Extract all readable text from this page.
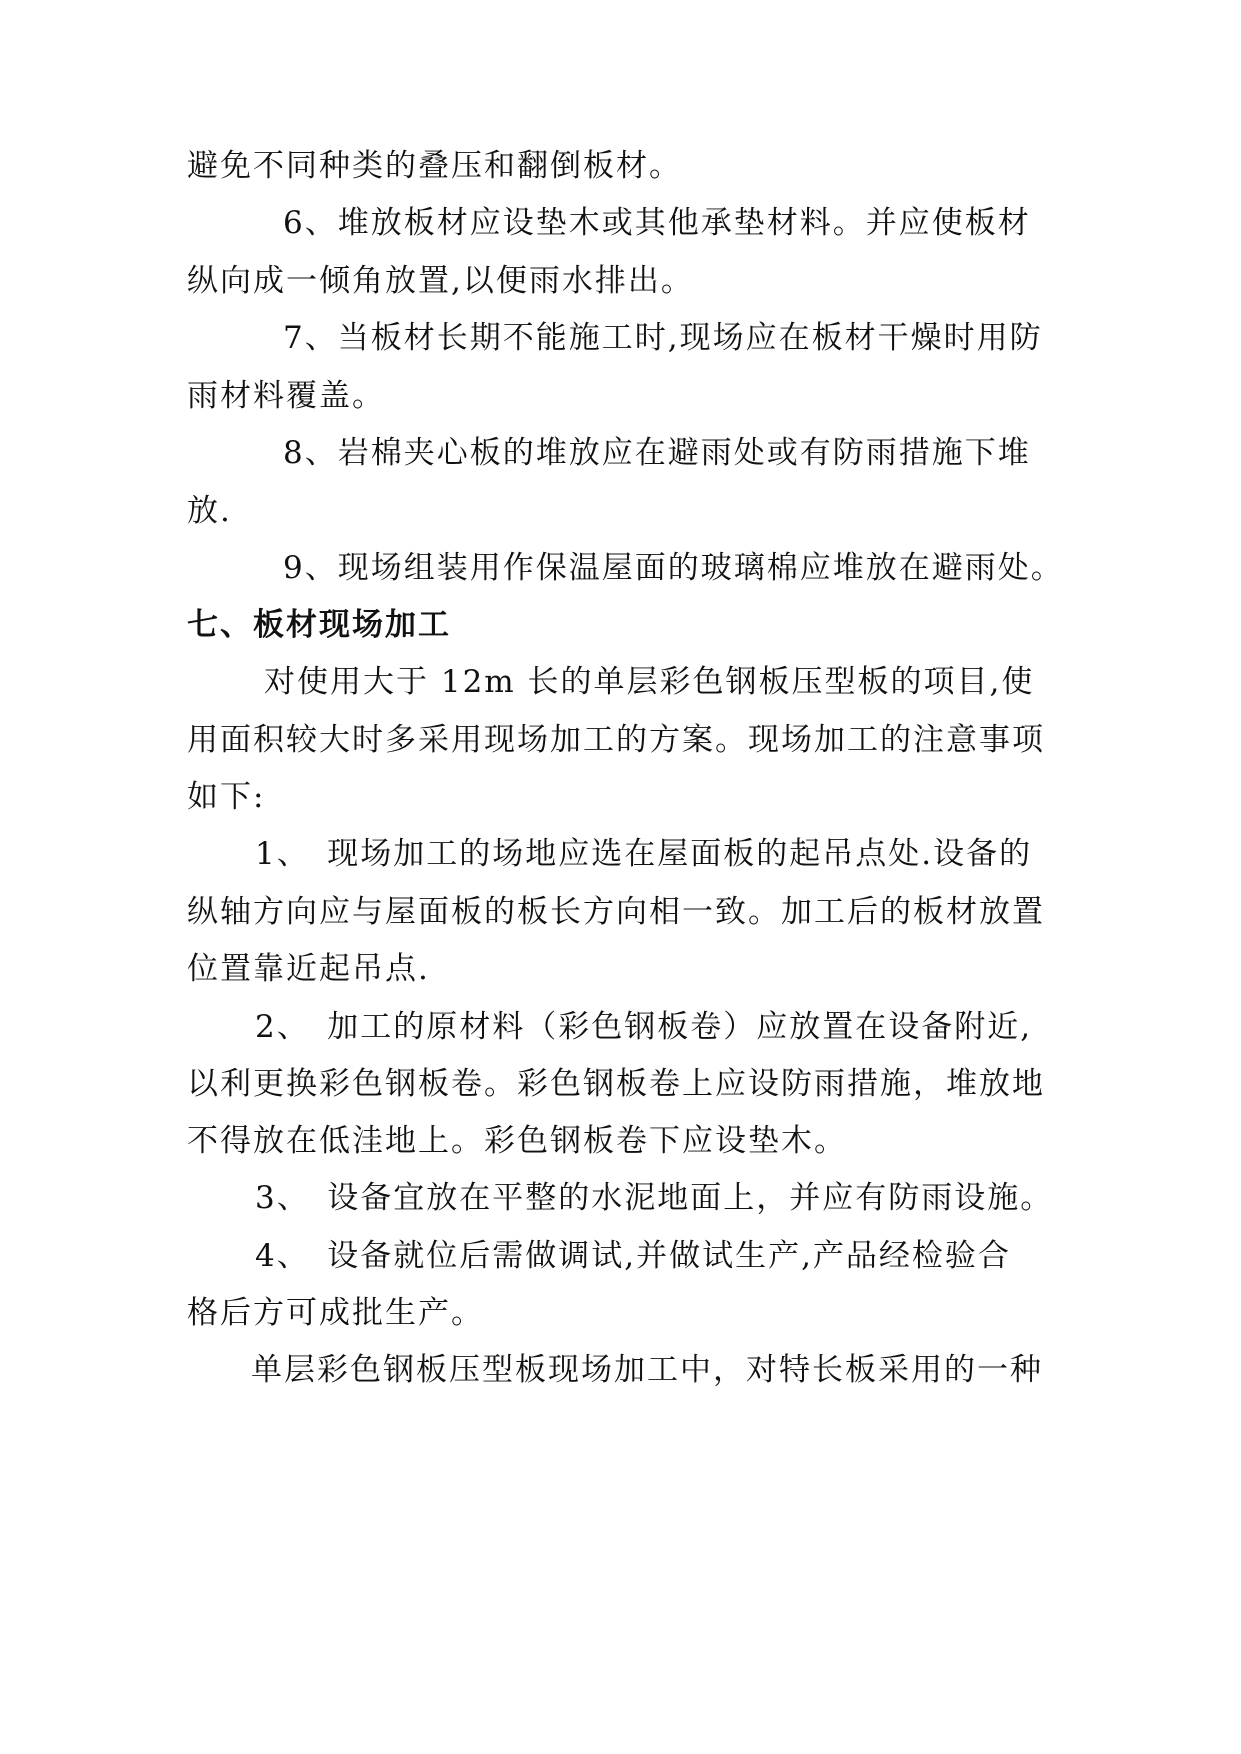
避免不同种类的叠压和翻倒板材。

6、堆放板材应设垫木或其他承垫材料。并应使板材

纵向成一倾角放置,以便雨水排出。

7、当板材长期不能施工时,现场应在板材干燥时用防

雨材料覆盖。

8、岩棉夹心板的堆放应在避雨处或有防雨措施下堆

放.

9、现场组装用作保温屋面的玻璃棉应堆放在避雨处。

七、板材现场加工

对使用大于 12m 长的单层彩色钢板压型板的项目,使

用面积较大时多采用现场加工的方案。现场加工的注意事项

如下:

1、　现场加工的场地应选在屋面板的起吊点处.设备的

纵轴方向应与屋面板的板长方向相一致。加工后的板材放置

位置靠近起吊点.

2、　加工的原材料（彩色钢板卷）应放置在设备附近,

以利更换彩色钢板卷。彩色钢板卷上应设防雨措施，堆放地

不得放在低洼地上。彩色钢板卷下应设垫木。

3、　设备宜放在平整的水泥地面上，并应有防雨设施。

4、　设备就位后需做调试,并做试生产,产品经检验合

格后方可成批生产。

单层彩色钢板压型板现场加工中，对特长板采用的一种
